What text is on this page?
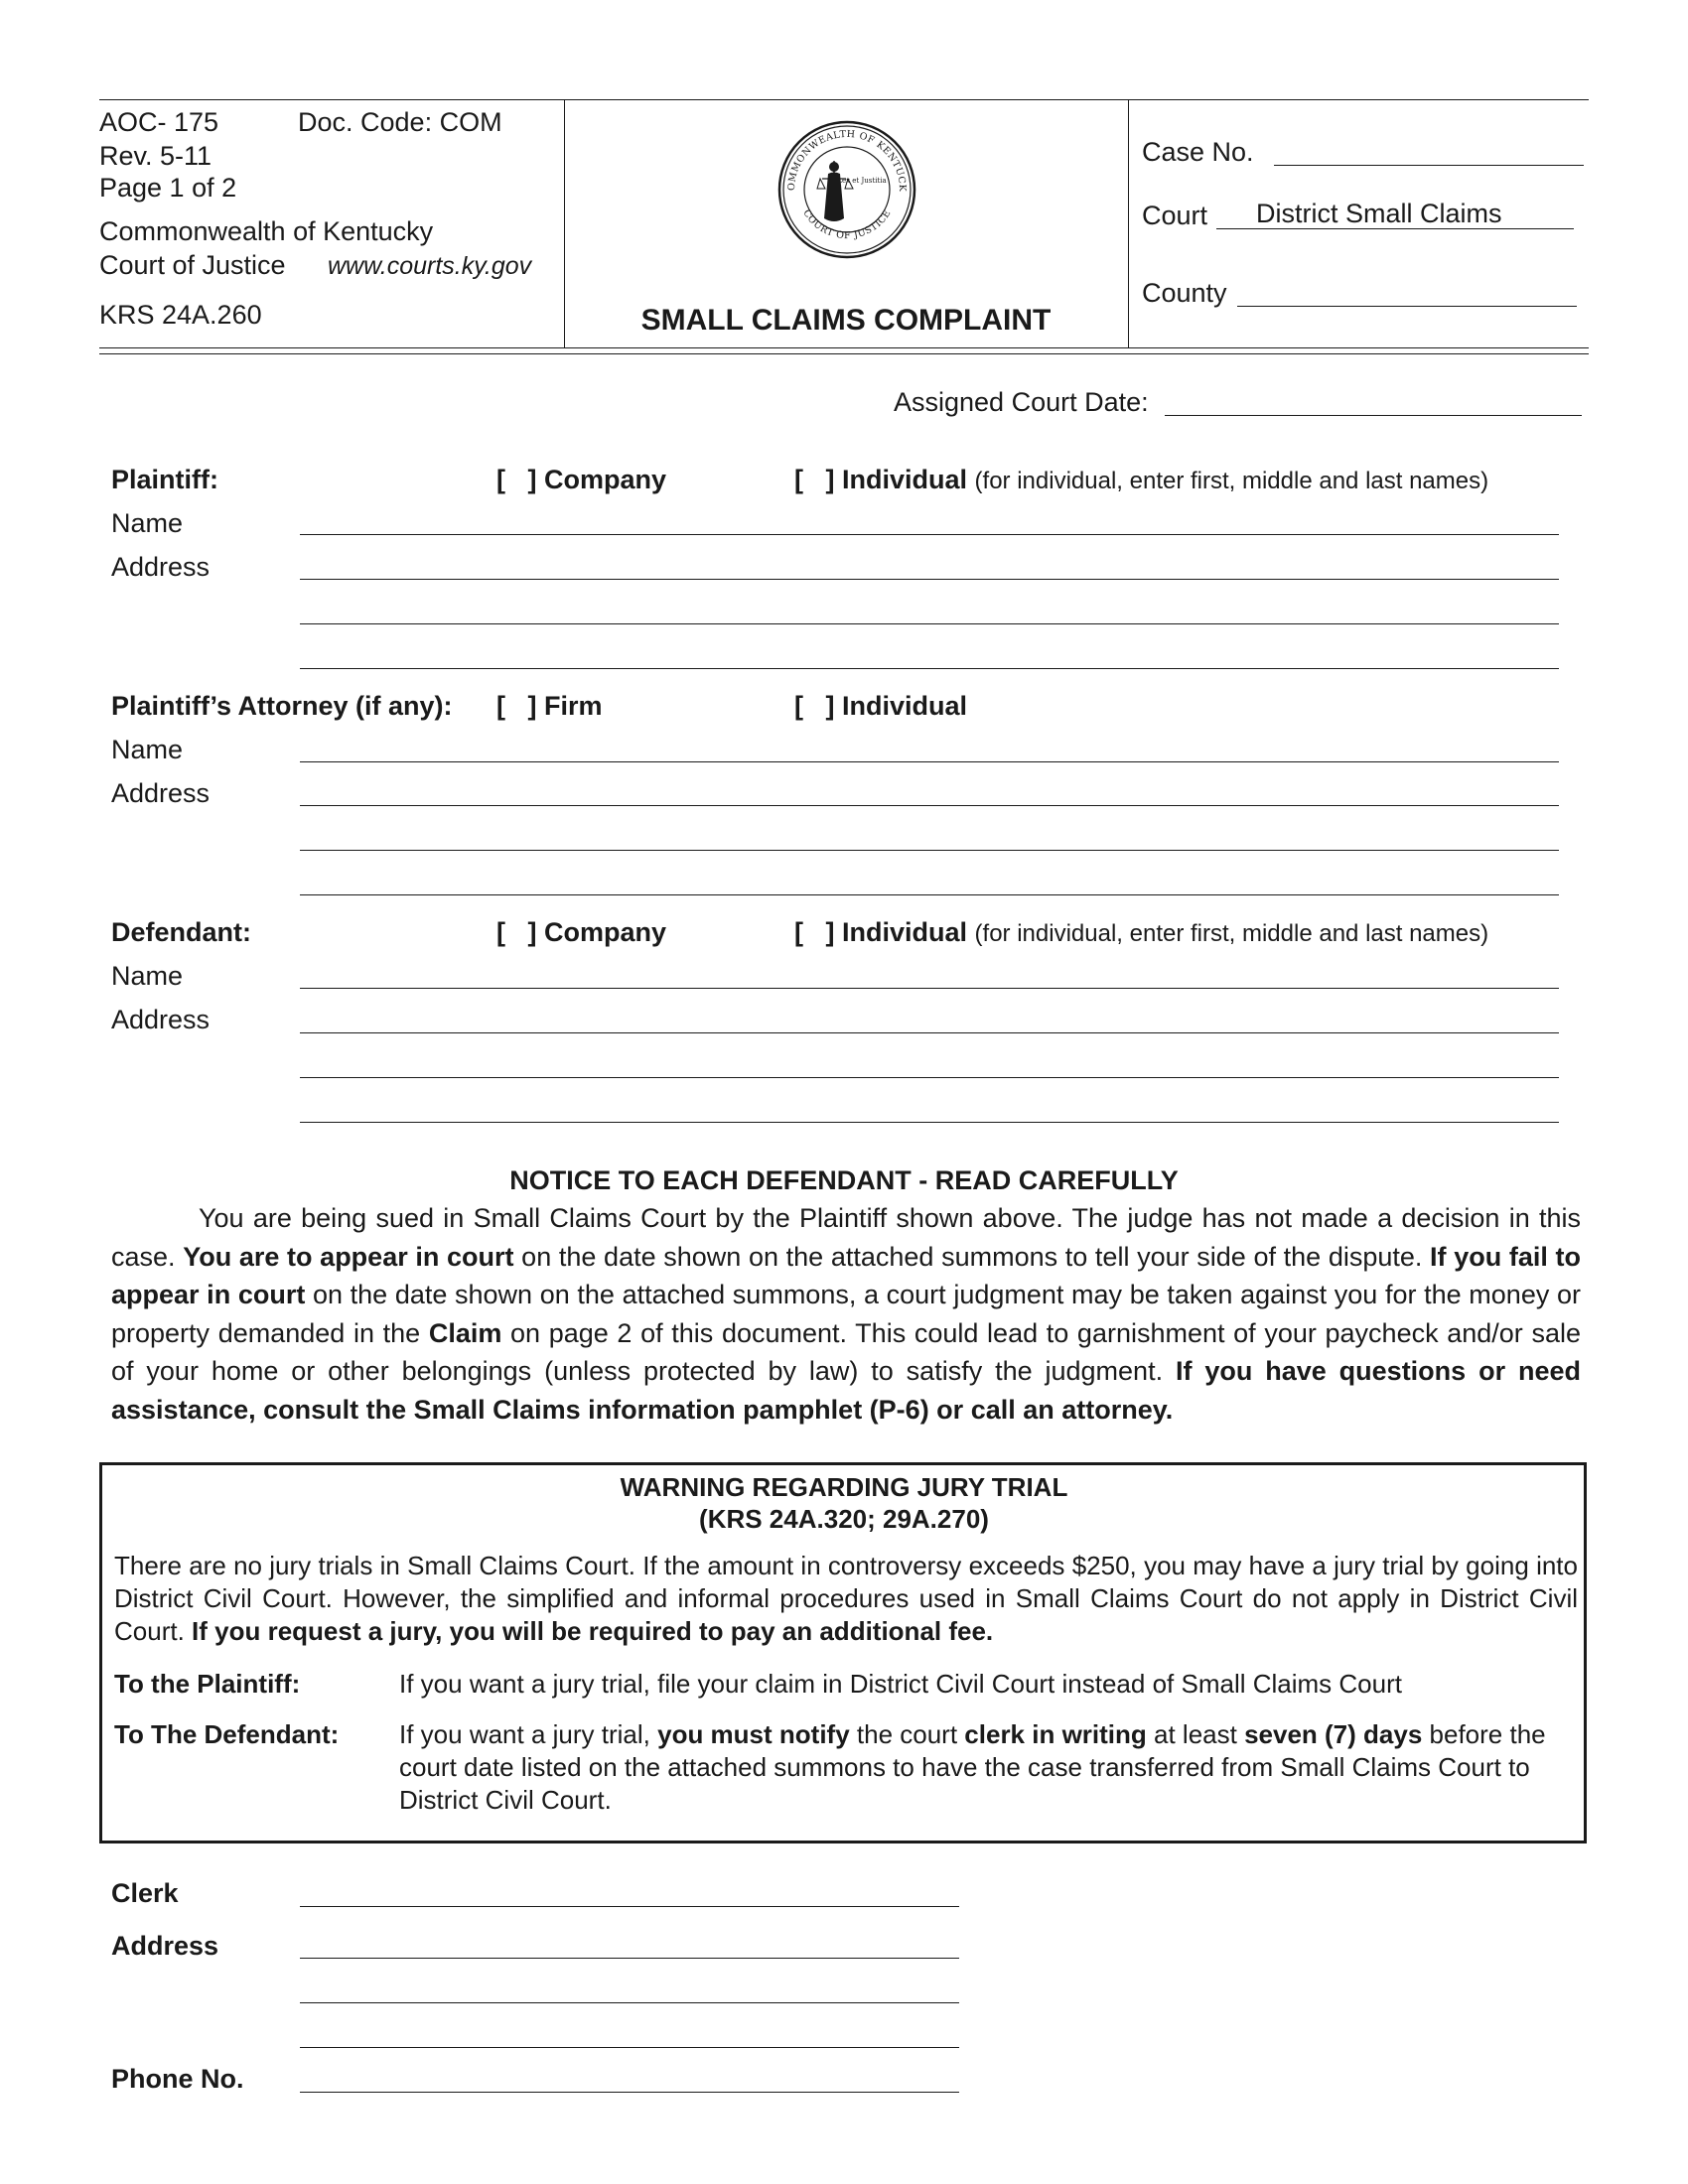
AOC- 175	Doc. Code: COM
Rev. 5-11
Page 1 of 2
Commonwealth of Kentucky
Court of Justice www.courts.ky.gov
KRS 24A.260
OMMONWEALTH OF KENTUCK
COURT OF JUSTICE
Lex et Justitia
SMALL CLAIMS COMPLAINT
Case No.
Court	District Small Claims
County
Assigned Court Date:
Plaintiff:	[   ] Company	[   ] Individual (for individual, enter first, middle and last names)
Name
Address
Plaintiff’s Attorney (if any): [   ] Firm	[   ] Individual
Name
Address
Defendant:	[   ] Company	[   ] Individual (for individual, enter first, middle and last names)
Name
Address
NOTICE TO EACH DEFENDANT - READ CAREFULLY
You are being sued in Small Claims Court by the Plaintiff shown above. The judge has not made a decision in this case. You are to appear in court on the date shown on the attached summons to tell your side of the dispute. If you fail to appear in court on the date shown on the attached summons, a court judgment may be taken against you for the money or property demanded in the Claim on page 2 of this document. This could lead to garnishment of your paycheck and/or sale of your home or other belongings (unless protected by law) to satisfy the judgment. If you have questions or need assistance, consult the Small Claims information pamphlet (P-6) or call an attorney.
WARNING REGARDING JURY TRIAL
(KRS 24A.320; 29A.270)
There are no jury trials in Small Claims Court. If the amount in controversy exceeds $250, you may have a jury trial by going into District Civil Court. However, the simplified and informal procedures used in Small Claims Court do not apply in District Civil Court. If you request a jury, you will be required to pay an additional fee.
To the Plaintiff:	If you want a jury trial, file your claim in District Civil Court instead of Small Claims Court
To The Defendant: If you want a jury trial, you must notify the court clerk in writing at least seven (7) days before the court date listed on the attached summons to have the case transferred from Small Claims Court to District Civil Court.
Clerk
Address
Phone No.
